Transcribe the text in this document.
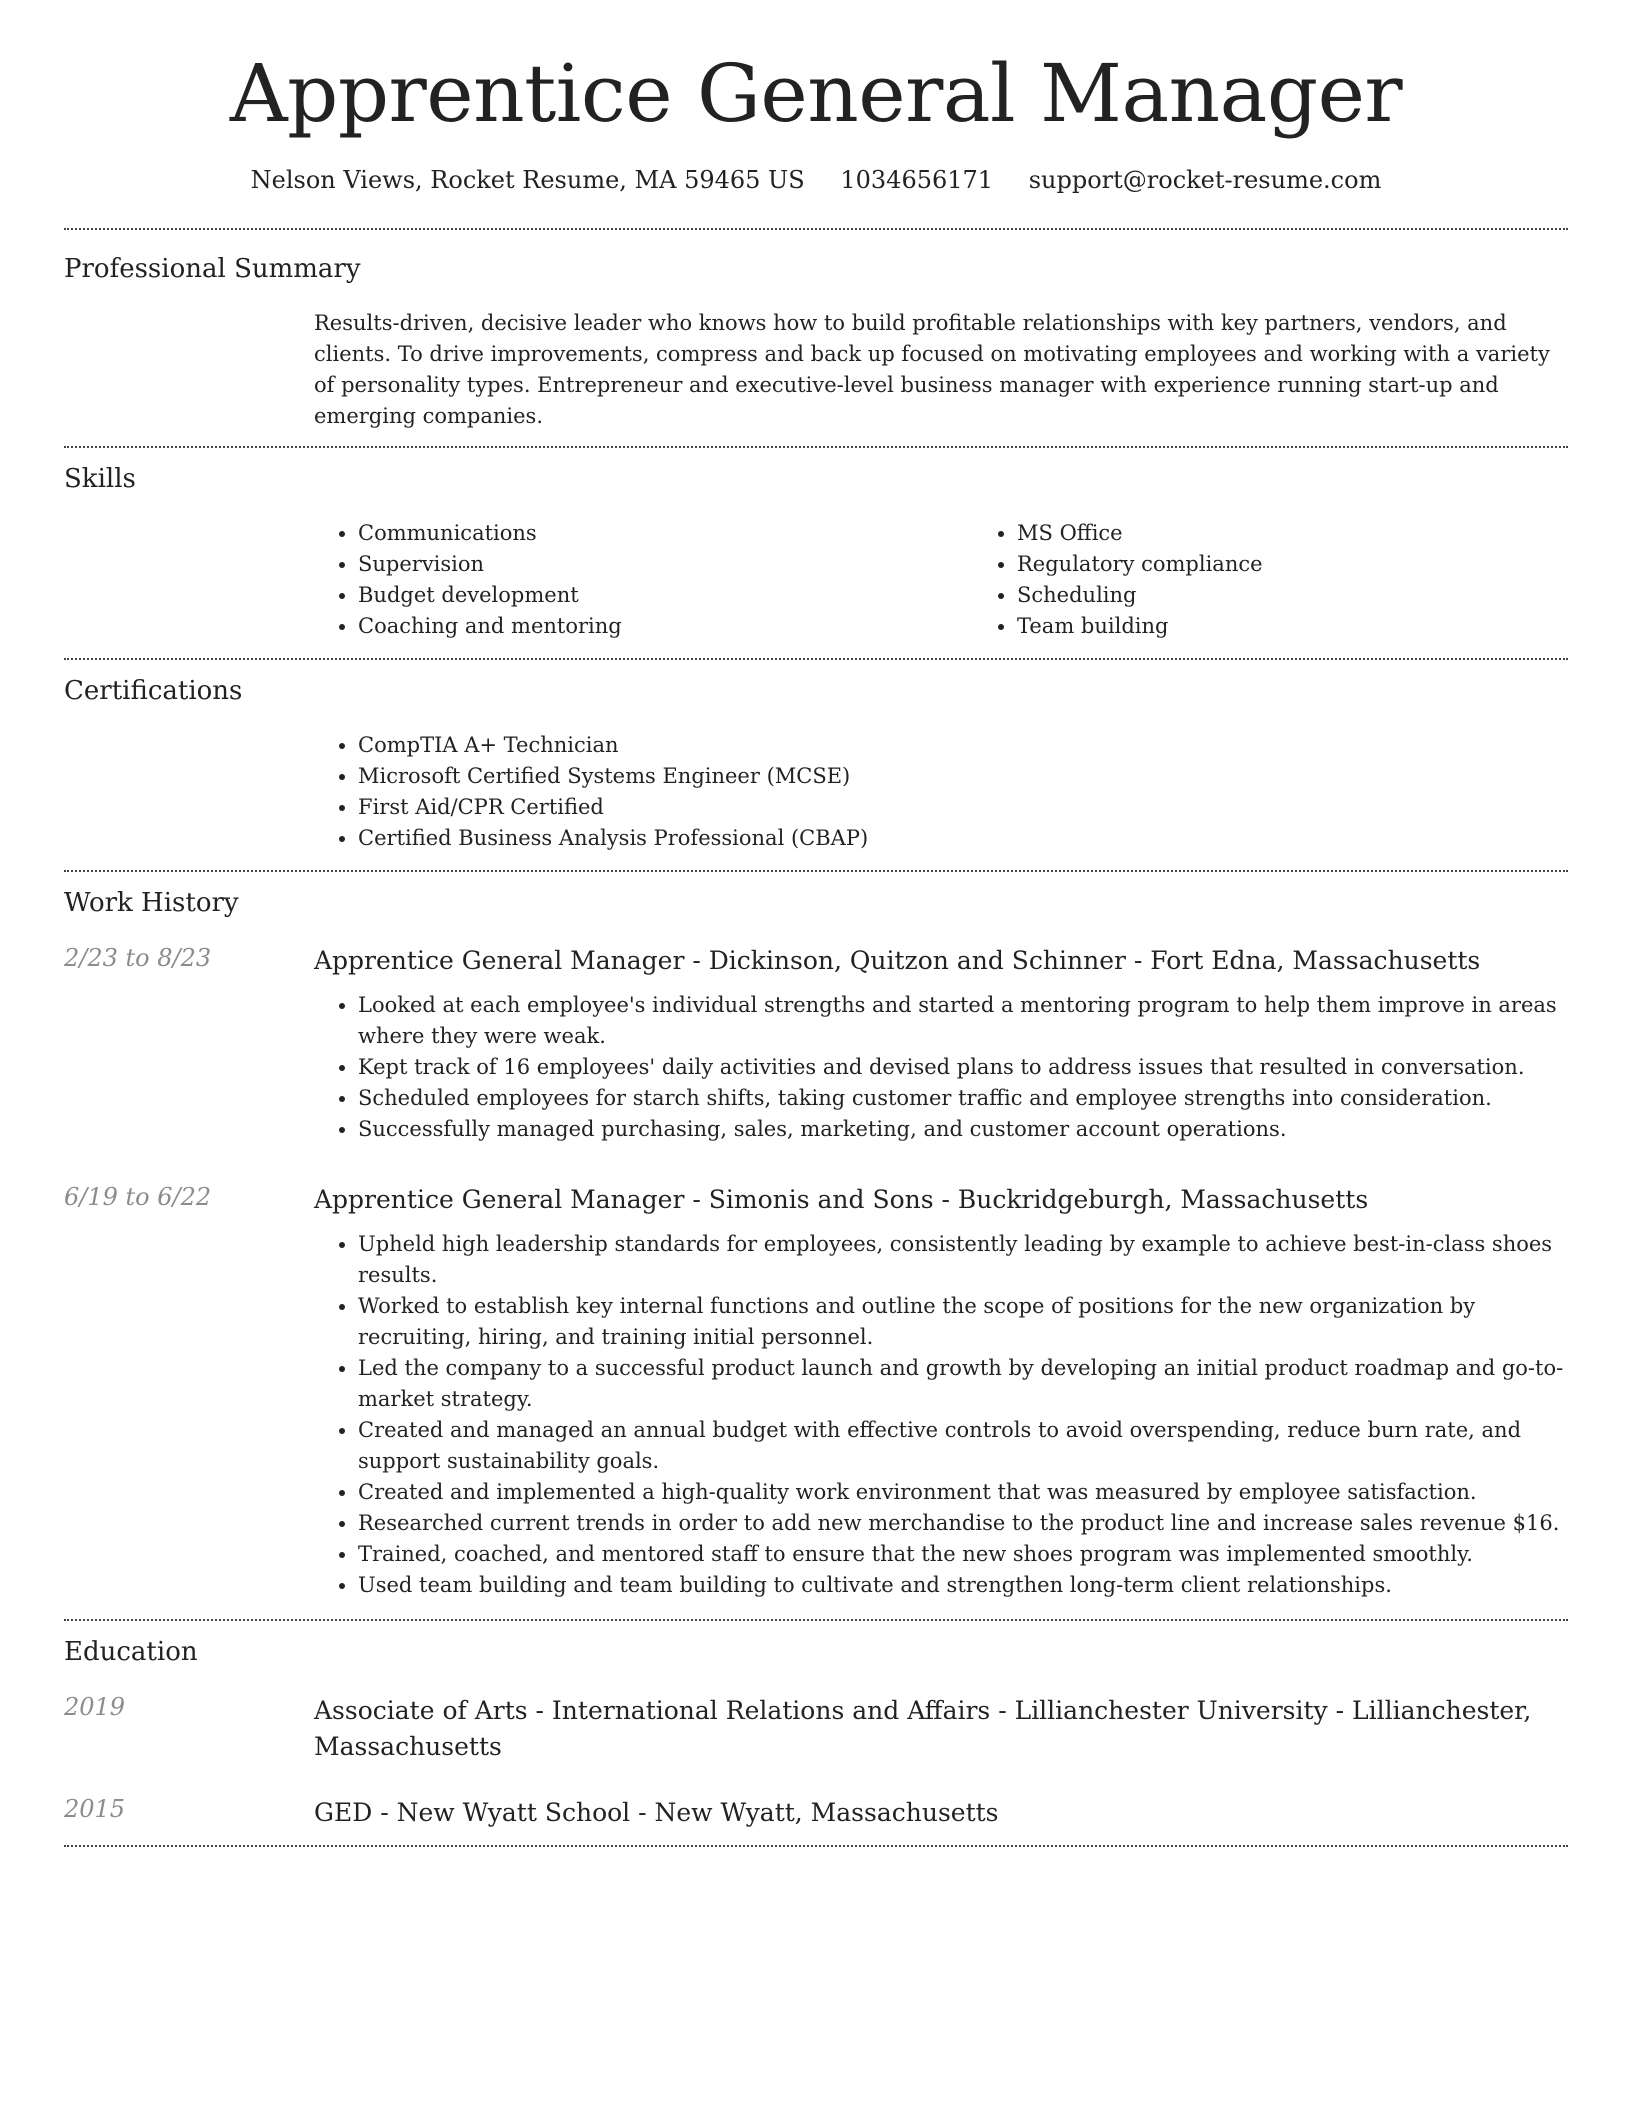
Apprentice General Manager
Nelson Views, Rocket Resume, MA 59465 US 1034656171 support@rocket-resume.com
Professional Summary
Results-driven, decisive leader who knows how to build profitable relationships with key partners, vendors, and clients. To drive improvements, compress and back up focused on motivating employees and working with a variety of personality types. Entrepreneur and executive-level business manager with experience running start-up and emerging companies.
Skills
• Communications
• Supervision
• Budget development
• Coaching and mentoring
• MS Office
• Regulatory compliance
• Scheduling
• Team building
Certifications
• CompTIA A+ Technician
• Microsoft Certified Systems Engineer (MCSE)
• First Aid/CPR Certified
• Certified Business Analysis Professional (CBAP)
Work History
2/23 to 8/23	Apprentice General Manager - Dickinson, Quitzon and Schinner - Fort Edna, Massachusetts
• Looked at each employee's individual strengths and started a mentoring program to help them improve in areas where they were weak.
• Kept track of 16 employees' daily activities and devised plans to address issues that resulted in conversation.
• Scheduled employees for starch shifts, taking customer traffic and employee strengths into consideration.
• Successfully managed purchasing, sales, marketing, and customer account operations.
6/19 to 6/22	Apprentice General Manager - Simonis and Sons - Buckridgeburgh, Massachusetts
• Upheld high leadership standards for employees, consistently leading by example to achieve best-in-class shoes results.
• Worked to establish key internal functions and outline the scope of positions for the new organization by recruiting, hiring, and training initial personnel.
• Led the company to a successful product launch and growth by developing an initial product roadmap and go-to-market strategy.
• Created and managed an annual budget with effective controls to avoid overspending, reduce burn rate, and support sustainability goals.
• Created and implemented a high-quality work environment that was measured by employee satisfaction.
• Researched current trends in order to add new merchandise to the product line and increase sales revenue $16.
• Trained, coached, and mentored staff to ensure that the new shoes program was implemented smoothly.
• Used team building and team building to cultivate and strengthen long-term client relationships.
Education
2019	Associate of Arts - International Relations and Affairs - Lillianchester University - Lillianchester, Massachusetts
2015	GED - New Wyatt School - New Wyatt, Massachusetts
